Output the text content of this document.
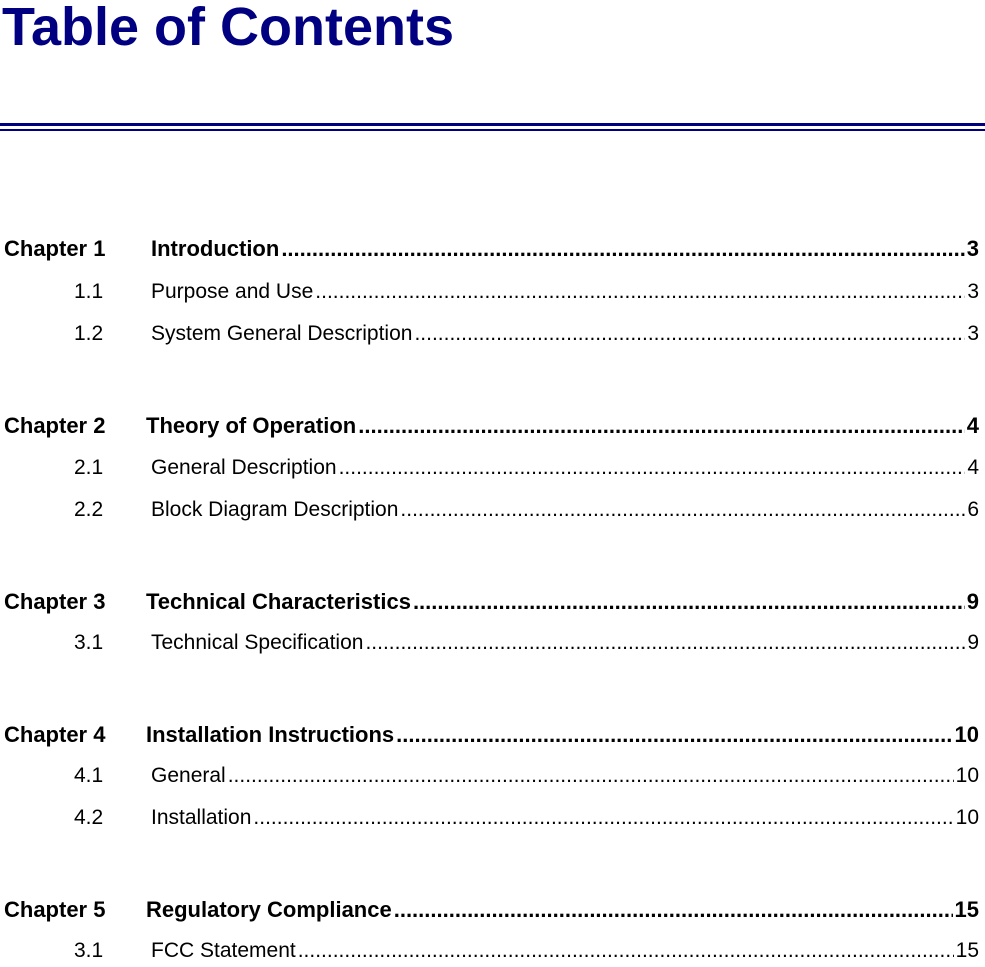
Table of Contents
Chapter 1	Introduction .....	3
1.1	Purpose and Use .....	3
1.2	System General Description .....	3
Chapter 2	Theory of Operation .....	4
2.1	General Description .....	4
2.2	Block Diagram Description .....	6
Chapter 3	Technical Characteristics .....	9
3.1	Technical Specification .....	9
Chapter 4	Installation Instructions .....	10
4.1	General .....	10
4.2	Installation .....	10
Chapter 5	Regulatory Compliance .....	15
3.1	FCC Statement .....	15
